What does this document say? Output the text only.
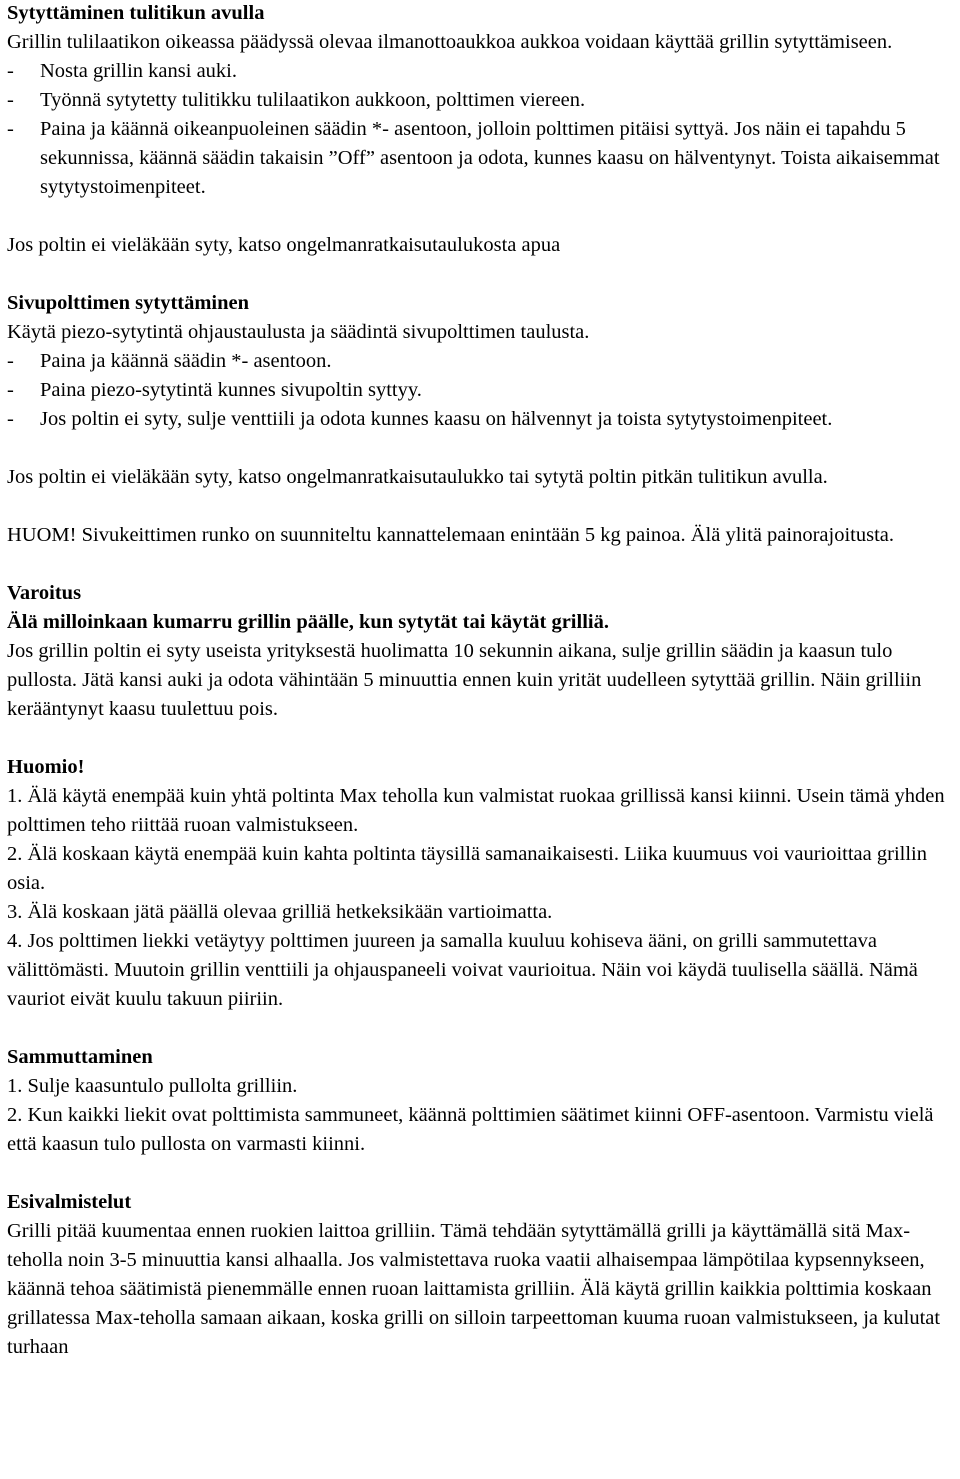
Sytyttäminen tulitikun avulla
Grillin tulilaatikon oikeassa päädyssä olevaa ilmanottoaukkoa aukkoa voidaan käyttää grillin sytyttämiseen.
-	Nosta grillin kansi auki.
-	Työnnä sytytetty tulitikku tulilaatikon aukkoon, polttimen viereen.
-	Paina ja käännä oikeanpuoleinen säädin *- asentoon, jolloin polttimen pitäisi syttyä. Jos näin ei tapahdu 5 sekunnissa, käännä säädin takaisin ”Off” asentoon ja odota, kunnes kaasu on hälventynyt. Toista aikaisemmat sytytystoimenpiteet.
Jos poltin ei vieläkään syty, katso ongelmanratkaisutaulukosta apua
Sivupolttimen sytyttäminen
Käytä piezo-sytytintä ohjaustaulusta ja säädintä sivupolttimen taulusta.
-	Paina ja käännä säädin *- asentoon.
-	Paina piezo-sytytintä kunnes sivupoltin syttyy.
-	Jos poltin ei syty, sulje venttiili ja odota kunnes kaasu on hälvennyt ja toista sytytystoimenpiteet.
Jos poltin ei vieläkään syty, katso ongelmanratkaisutaulukko tai sytytä poltin pitkän tulitikun avulla.
HUOM! Sivukeittimen runko on suunniteltu kannattelemaan enintään 5 kg painoa. Älä ylitä painorajoitusta.
Varoitus
Älä milloinkaan kumarru grillin päälle, kun sytytät tai käytät grilliä.
Jos grillin poltin ei syty useista yrityksestä huolimatta 10 sekunnin aikana, sulje grillin säädin ja kaasun tulo pullosta. Jätä kansi auki ja odota vähintään 5 minuuttia ennen kuin yrität uudelleen sytyttää grillin. Näin grilliin kerääntynyt kaasu tuulettuu pois.
Huomio!
1. Älä käytä enempää kuin yhtä poltinta Max teholla kun valmistat ruokaa grillissä kansi kiinni. Usein tämä yhden polttimen teho riittää ruoan valmistukseen.
2. Älä koskaan käytä enempää kuin kahta poltinta täysillä samanaikaisesti. Liika kuumuus voi vaurioittaa grillin osia.
3. Älä koskaan jätä päällä olevaa grilliä hetkeksikään vartioimatta.
4. Jos polttimen liekki vetäytyy polttimen juureen ja samalla kuuluu kohiseva ääni, on grilli sammutettava välittömästi. Muutoin grillin venttiili ja ohjauspaneeli voivat vaurioitua. Näin voi käydä tuulisella säällä. Nämä vauriot eivät kuulu takuun piiriin.
Sammuttaminen
1. Sulje kaasuntulo pullolta grilliin.
2. Kun kaikki liekit ovat polttimista sammuneet, käännä polttimien säätimet kiinni OFF-asentoon. Varmistu vielä että kaasun tulo pullosta on varmasti kiinni.
Esivalmistelut
Grilli pitää kuumentaa ennen ruokien laittoa grilliin. Tämä tehdään sytyttämällä grilli ja käyttämällä sitä Max-teholla noin 3-5 minuuttia kansi alhaalla. Jos valmistettava ruoka vaatii alhaisempaa lämpötilaa kypsennykseen, käännä tehoa säätimistä pienemmälle ennen ruoan laittamista grilliin. Älä käytä grillin kaikkia polttimia koskaan grillatessa Max-teholla samaan aikaan, koska grilli on silloin tarpeettoman kuuma ruoan valmistukseen, ja kulutat turhaan
